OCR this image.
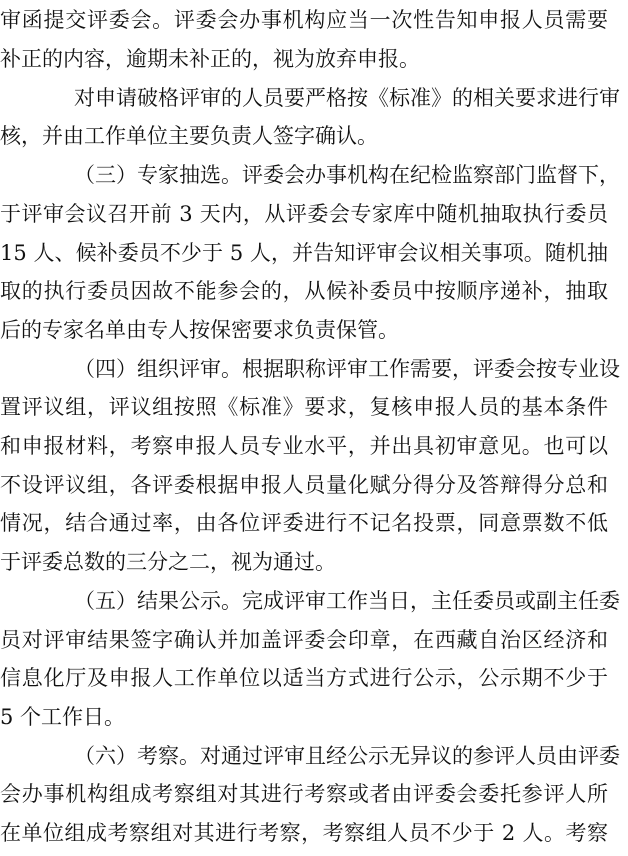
审函提交评委会。评委会办事机构应当一次性告知申报人员需要
补正的内容，逾期未补正的，视为放弃申报。
对申请破格评审的人员要严格按《标准》的相关要求进行审
核，并由工作单位主要负责人签字确认。
（三）专家抽选。评委会办事机构在纪检监察部门监督下，
于评审会议召开前 3 天内，从评委会专家库中随机抽取执行委员
15 人、候补委员不少于 5 人，并告知评审会议相关事项。随机抽
取的执行委员因故不能参会的，从候补委员中按顺序递补，抽取
后的专家名单由专人按保密要求负责保管。
（四）组织评审。根据职称评审工作需要，评委会按专业设
置评议组，评议组按照《标准》要求，复核申报人员的基本条件
和申报材料，考察申报人员专业水平，并出具初审意见。也可以
不设评议组，各评委根据申报人员量化赋分得分及答辩得分总和
情况，结合通过率，由各位评委进行不记名投票，同意票数不低
于评委总数的三分之二，视为通过。
（五）结果公示。完成评审工作当日，主任委员或副主任委
员对评审结果签字确认并加盖评委会印章，在西藏自治区经济和
信息化厅及申报人工作单位以适当方式进行公示，公示期不少于
5 个工作日。
（六）考察。对通过评审且经公示无异议的参评人员由评委
会办事机构组成考察组对其进行考察或者由评委会委托参评人所
在单位组成考察组对其进行考察，考察组人员不少于 2 人。考察
